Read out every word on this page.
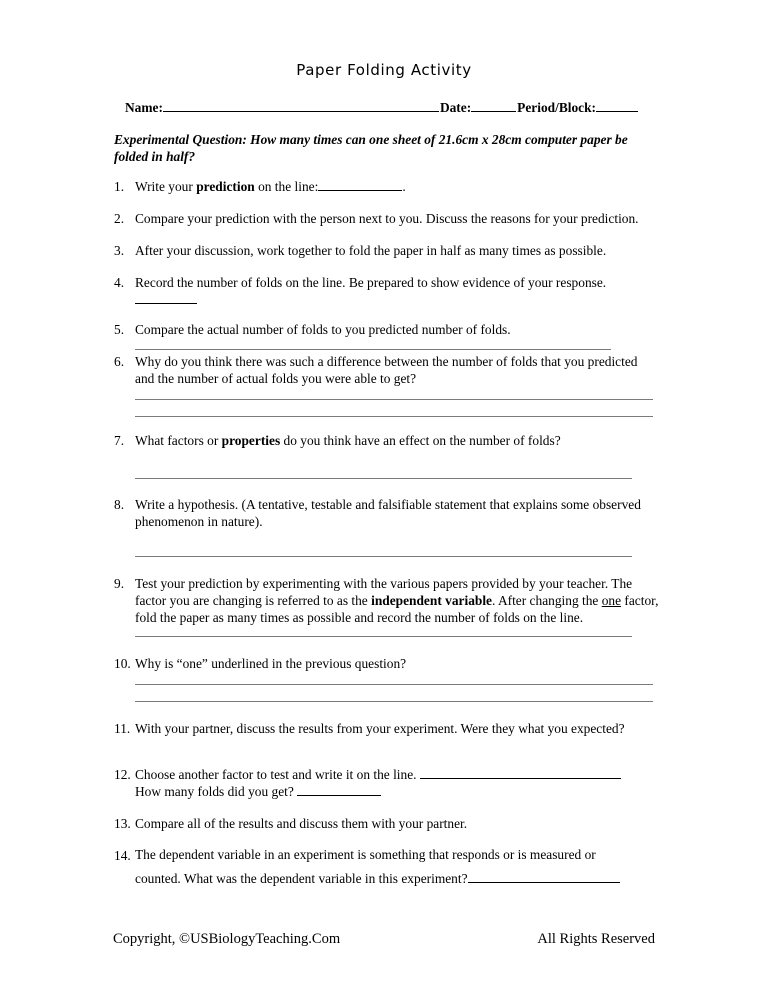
Paper Folding Activity
Name:	Date:	Period/Block:
Experimental Question: How many times can one sheet of 21.6cm x 28cm computer paper be folded in half?
1. Write your prediction on the line:	.
2. Compare your prediction with the person next to you. Discuss the reasons for your prediction.
3. After your discussion, work together to fold the paper in half as many times as possible.
4. Record the number of folds on the line. Be prepared to show evidence of your response.
5. Compare the actual number of folds to you predicted number of folds.
6. Why do you think there was such a difference between the number of folds that you predicted and the number of actual folds you were able to get?
7. What factors or properties do you think have an effect on the number of folds?
8. Write a hypothesis. (A tentative, testable and falsifiable statement that explains some observed phenomenon in nature).
9. Test your prediction by experimenting with the various papers provided by your teacher. The factor you are changing is referred to as the independent variable. After changing the one factor, fold the paper as many times as possible and record the number of folds on the line.
10. Why is “one” underlined in the previous question?
11. With your partner, discuss the results from your experiment. Were they what you expected?
12. Choose another factor to test and write it on the line.
How many folds did you get?
13. Compare all of the results and discuss them with your partner.
14. The dependent variable in an experiment is something that responds or is measured or
counted. What was the dependent variable in this experiment?
Copyright, ©USBiologyTeaching.Com	All Rights Reserved
